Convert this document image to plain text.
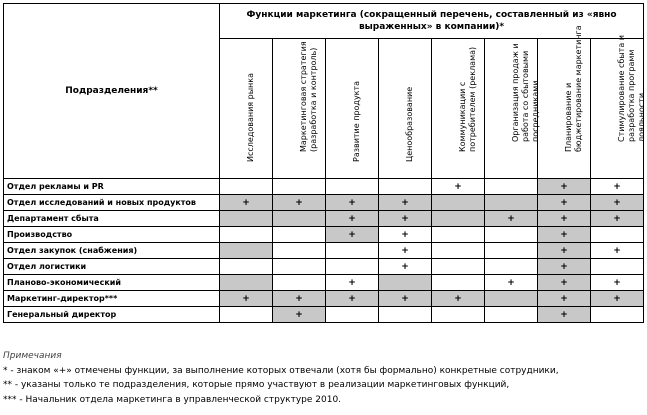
Подразделения**	Функции маркетинга (сокращенный перечень, составленный из «явно выраженных» в компании)*							

	Исследования рынка	Маркетинговая стратегия (разработка и контроль)	Развитие продукта	Ценообразование	Коммуникации с потребителем (реклама)	Организация продаж и работа со сбытовыми посредниками	Планирование и бюджетирование маркетинга	Стимулирование сбыта и разработка программ лояльности

Отдел рекламы и PR					+		+	+
Отдел исследований и новых продуктов	+	+	+	+			+	+
Департамент сбыта			+	+		+	+	+
Производство			+	+			+	
Отдел закупок (снабжения)				+			+	+
Отдел логистики				+			+	
Планово-экономический			+			+	+	+
Маркетинг-директор***	+	+	+	+	+		+	+
Генеральный директор		+					+	
Примечания
* - знаком «+» отмечены функции, за выполнение которых отвечали (хотя бы формально) конкретные сотрудники,
** - указаны только те подразделения, которые прямо участвуют в реализации маркетинговых функций,
*** - Начальник отдела маркетинга в управленческой структуре 2010.
